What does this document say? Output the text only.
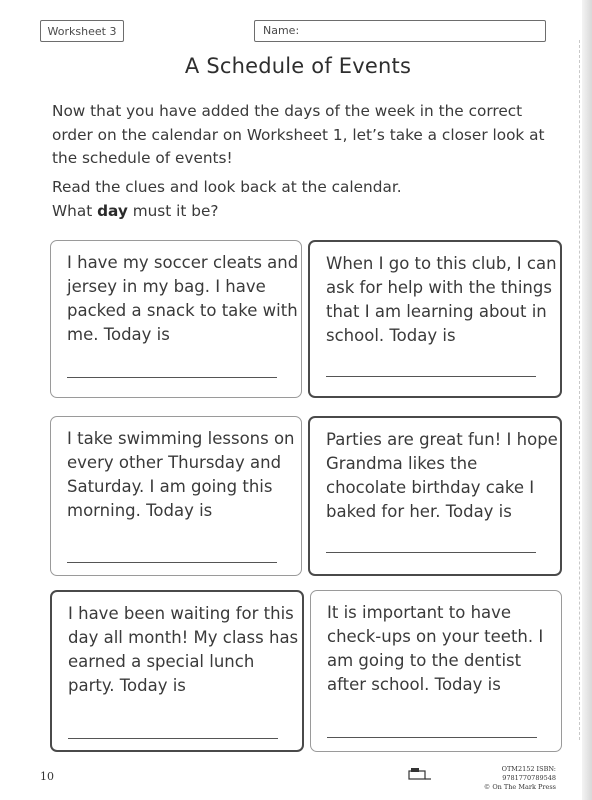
Worksheet 3	Name:
A Schedule of Events

Now that you have added the days of the week in the correct order on the calendar on Worksheet 1, let’s take a closer look at the schedule of events!

Read the clues and look back at the calendar.
What day must it be?

I have my soccer cleats and jersey in my bag. I have packed a snack to take with me. Today is

When I go to this club, I can ask for help with the things that I am learning about in school. Today is

I take swimming lessons on every other Thursday and Saturday. I am going this morning. Today is

Parties are great fun! I hope Grandma likes the chocolate birthday cake I baked for her. Today is

I have been waiting for this day all month! My class has earned a special lunch party. Today is

It is important to have check-ups on your teeth. I am going to the dentist after school. Today is

10
OTM2152 ISBN: 9781770789548
© On The Mark Press
